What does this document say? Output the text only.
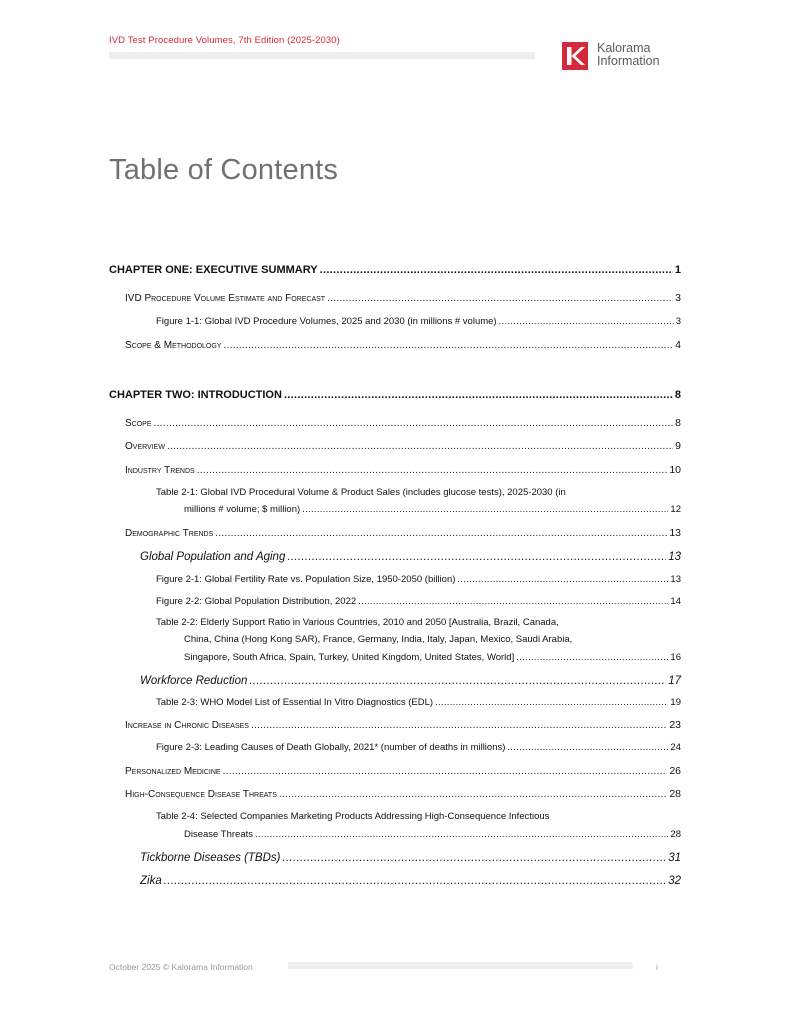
IVD Test Procedure Volumes, 7th Edition (2025-2030)
Kalorama
Information
Table of Contents
CHAPTER ONE: EXECUTIVE SUMMARY .....	1
IVD Procedure Volume Estimate and Forecast .....	3
Figure 1-1: Global IVD Procedure Volumes, 2025 and 2030 (in millions # volume) .....	3
Scope & Methodology .....	4
CHAPTER TWO: INTRODUCTION .....	8
Scope .....	8
Overview .....	9
Industry Trends .....	10
Table 2-1: Global IVD Procedural Volume & Product Sales (includes glucose tests), 2025-2030 (in
millions # volume; $ million) .....	12
Demographic Trends .....	13
Global Population and Aging .....	13
Figure 2-1: Global Fertility Rate vs. Population Size, 1950-2050 (billion) .....	13
Figure 2-2: Global Population Distribution, 2022 .....	14
Table 2-2: Elderly Support Ratio in Various Countries, 2010 and 2050 [Australia, Brazil, Canada,
China, China (Hong Kong SAR), France, Germany, India, Italy, Japan, Mexico, Saudi Arabia,
Singapore, South Africa, Spain, Turkey, United Kingdom, United States, World] .....	16
Workforce Reduction .....	17
Table 2-3: WHO Model List of Essential In Vitro Diagnostics (EDL) .....	19
Increase in Chronic Diseases .....	23
Figure 2-3: Leading Causes of Death Globally, 2021* (number of deaths in millions) .....	24
Personalized Medicine .....	26
High-Consequence Disease Threats .....	28
Table 2-4: Selected Companies Marketing Products Addressing High-Consequence Infectious
Disease Threats .....	28
Tickborne Diseases (TBDs) .....	31
Zika .....	32
October 2025 © Kalorama Information	i
